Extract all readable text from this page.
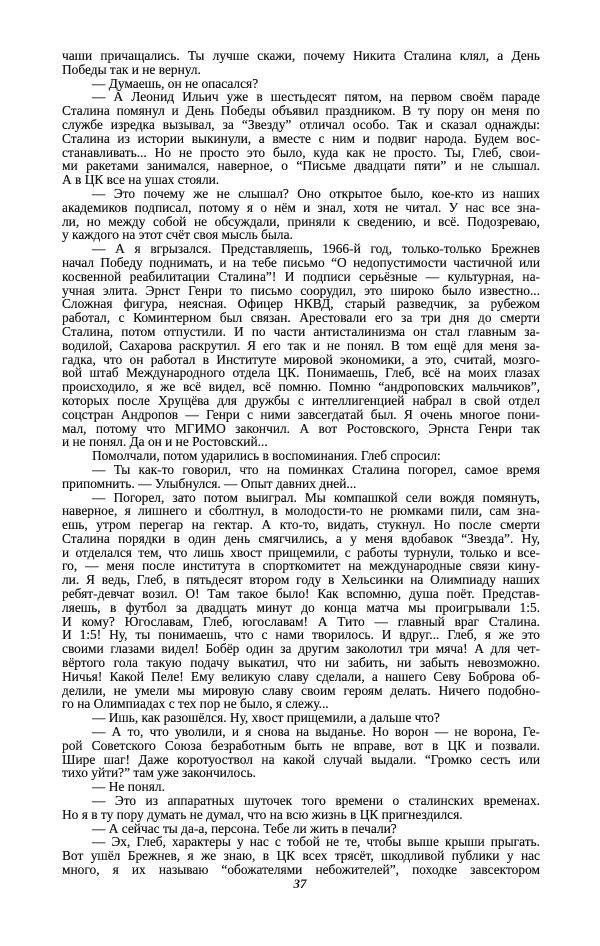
чаши причащались. Ты лучше скажи, почему Никита Сталина клял, а День
Победы так и не вернул.
— Думаешь, он не опасался?
— А Леонид Ильич уже в шестьдесят пятом, на первом своём параде
Сталина помянул и День Победы объявил праздником. В ту пору он меня по
службе изредка вызывал, за “Звезду” отличал особо. Так и сказал однажды:
Сталина из истории выкинули, а вместе с ним и подвиг народа. Будем вос-
станавливать... Но не просто это было, куда как не просто. Ты, Глеб, свои-
ми ракетами занимался, наверное, о “Письме двадцати пяти” и не слышал.
А в ЦК все на ушах стояли.
— Это почему же не слышал? Оно открытое было, кое-кто из наших
академиков подписал, потому я о нём и знал, хотя не читал. У нас все зна-
ли, но между собой не обсуждали, приняли к сведению, и всё. Подозреваю,
у каждого на этот счёт своя мысль была.
— А я вгрызался. Представляешь, 1966-й год, только-только Брежнев
начал Победу поднимать, и на тебе письмо “О недопустимости частичной или
косвенной реабилитации Сталина”! И подписи серьёзные — культурная, на-
учная элита. Эрнст Генри то письмо соорудил, это широко было известно...
Сложная фигура, неясная. Офицер НКВД, старый разведчик, за рубежом
работал, с Коминтерном был связан. Арестовали его за три дня до смерти
Сталина, потом отпустили. И по части антисталинизма он стал главным за-
водилой, Сахарова раскрутил. Я его так и не понял. В том ещё для меня за-
гадка, что он работал в Институте мировой экономики, а это, считай, мозго-
вой штаб Международного отдела ЦК. Понимаешь, Глеб, всё на моих глазах
происходило, я же всё видел, всё помню. Помню “андроповских мальчиков”,
которых после Хрущёва для дружбы с интеллигенцией набрал в свой отдел
соцстран Андропов — Генри с ними завсегдатай был. Я очень многое пони-
мал, потому что МГИМО закончил. А вот Ростовского, Эрнста Генри так
и не понял. Да он и не Ростовский...
Помолчали, потом ударились в воспоминания. Глеб спросил:
— Ты как-то говорил, что на поминках Сталина погорел, самое время
припомнить. — Улыбнулся. — Опыт давних дней...
— Погорел, зато потом выиграл. Мы компашкой сели вождя помянуть,
наверное, я лишнего и сболтнул, в молодости-то не рюмками пили, сам зна-
ешь, утром перегар на гектар. А кто-то, видать, стукнул. Но после смерти
Сталина порядки в один день смягчились, а у меня вдобавок “Звезда”. Ну,
и отделался тем, что лишь хвост прищемили, с работы турнули, только и все-
го, — меня после института в спорткомитет на международные связи кину-
ли. Я ведь, Глеб, в пятьдесят втором году в Хельсинки на Олимпиаду наших
ребят-девчат возил. О! Там такое было! Как вспомню, душа поёт. Представ-
ляешь, в футбол за двадцать минут до конца матча мы проигрывали 1:5.
И кому? Югославам, Глеб, югославам! А Тито — главный враг Сталина.
И 1:5! Ну, ты понимаешь, что с нами творилось. И вдруг... Глеб, я же это
своими глазами видел! Бобёр один за другим заколотил три мяча! А для чет-
вёртого гола такую подачу выкатил, что ни забить, ни забыть невозможно.
Ничья! Какой Пеле! Ему великую славу сделали, а нашего Севу Боброва об-
делили, не умели мы мировую славу своим героям делать. Ничего подобно-
го на Олимпиадах с тех пор не было, я слежу...
— Ишь, как разошёлся. Ну, хвост прищемили, а дальше что?
— А то, что уволили, и я снова на выданье. Но ворон — не ворона, Ге-
рой Советского Союза безработным быть не вправе, вот в ЦК и позвали.
Шире шаг! Даже коротуоствол на какой случай выдали. “Громко сесть или
тихо уйти?” там уже закончилось.
— Не понял.
— Это из аппаратных шуточек того времени о сталинских временах.
Но я в ту пору думать не думал, что на всю жизнь в ЦК пригнездился.
— А сейчас ты да-а, персона. Тебе ли жить в печали?
— Эх, Глеб, характеры у нас с тобой не те, чтобы выше крыши прыгать.
Вот ушёл Брежнев, я же знаю, в ЦК всех трясёт, шкодливой публики у нас
много, я их называю “обожателями небожителей”, походке завсектором
37
